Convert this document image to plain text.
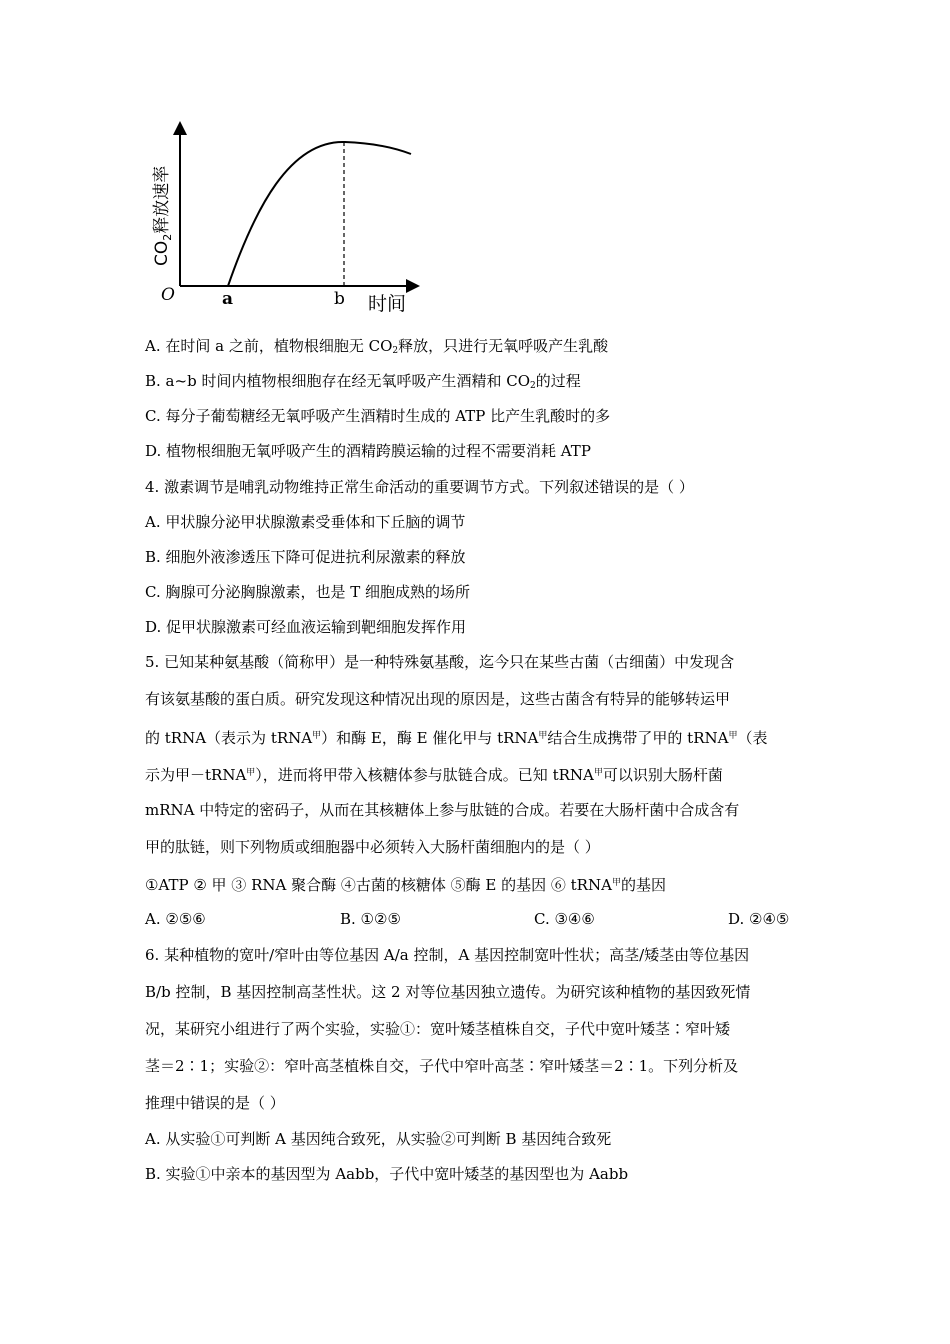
$CO_2$释放速率
O	a	b 时间
A. 在时间 a 之前，植物根细胞无 $CO_2$释放，只进行无氧呼吸产生乳酸
B. a~b 时间内植物根细胞存在经无氧呼吸产生酒精和 $CO_2$的过程
C. 每分子葡萄糖经无氧呼吸产生酒精时生成的 ATP 比产生乳酸时的多
D. 植物根细胞无氧呼吸产生的酒精跨膜运输的过程不需要消耗 ATP
4. 激素调节是哺乳动物维持正常生命活动的重要调节方式。下列叙述错误的是（ ）
A. 甲状腺分泌甲状腺激素受垂体和下丘脑的调节
B. 细胞外液渗透压下降可促进抗利尿激素的释放
C. 胸腺可分泌胸腺激素，也是 T 细胞成熟的场所
D. 促甲状腺激素可经血液运输到靶细胞发挥作用
5. 已知某种氨基酸（简称甲）是一种特殊氨基酸，迄今只在某些古菌（古细菌）中发现含
有该氨基酸的蛋白质。研究发现这种情况出现的原因是，这些古菌含有特异的能够转运甲
的 tRNA（表示为 tRNA$^甲$）和酶 E，酶 E 催化甲与 tRNA$^甲$结合生成携带了甲的 tRNA$^甲$（表
示为甲－tRNA$^甲$），进而将甲带入核糖体参与肽链合成。已知 tRNA$^甲$可以识别大肠杆菌
mRNA 中特定的密码子，从而在其核糖体上参与肽链的合成。若要在大肠杆菌中合成含有
甲的肽链，则下列物质或细胞器中必须转入大肠杆菌细胞内的是（ ）
①ATP ② 甲 ③ RNA 聚合酶 ④古菌的核糖体 ⑤酶 E 的基因 ⑥ tRNA$^甲$的基因
A. ②⑤⑥	B. ①②⑤	C. ③④⑥	D. ②④⑤
6. 某种植物的宽叶/窄叶由等位基因 A/a 控制，A 基因控制宽叶性状；高茎/矮茎由等位基因
B/b 控制，B 基因控制高茎性状。这 2 对等位基因独立遗传。为研究该种植物的基因致死情
况，某研究小组进行了两个实验，实验①：宽叶矮茎植株自交，子代中宽叶矮茎∶窄叶矮
茎＝2∶1；实验②：窄叶高茎植株自交，子代中窄叶高茎∶窄叶矮茎＝2∶1。下列分析及
推理中错误的是（ ）
A. 从实验①可判断 A 基因纯合致死，从实验②可判断 B 基因纯合致死
B. 实验①中亲本的基因型为 Aabb，子代中宽叶矮茎的基因型也为 Aabb
